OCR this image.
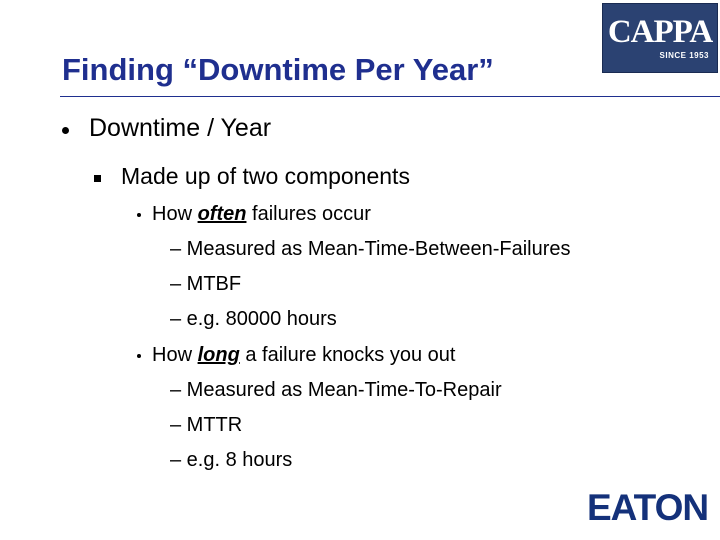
Finding “Downtime Per Year”
CAPPA
SINCE 1953
Downtime / Year
Made up of two components
How often failures occur
– Measured as Mean-Time-Between-Failures
– MTBF
– e.g. 80000 hours
How long a failure knocks you out
– Measured as Mean-Time-To-Repair
– MTTR
– e.g. 8 hours
EATON
